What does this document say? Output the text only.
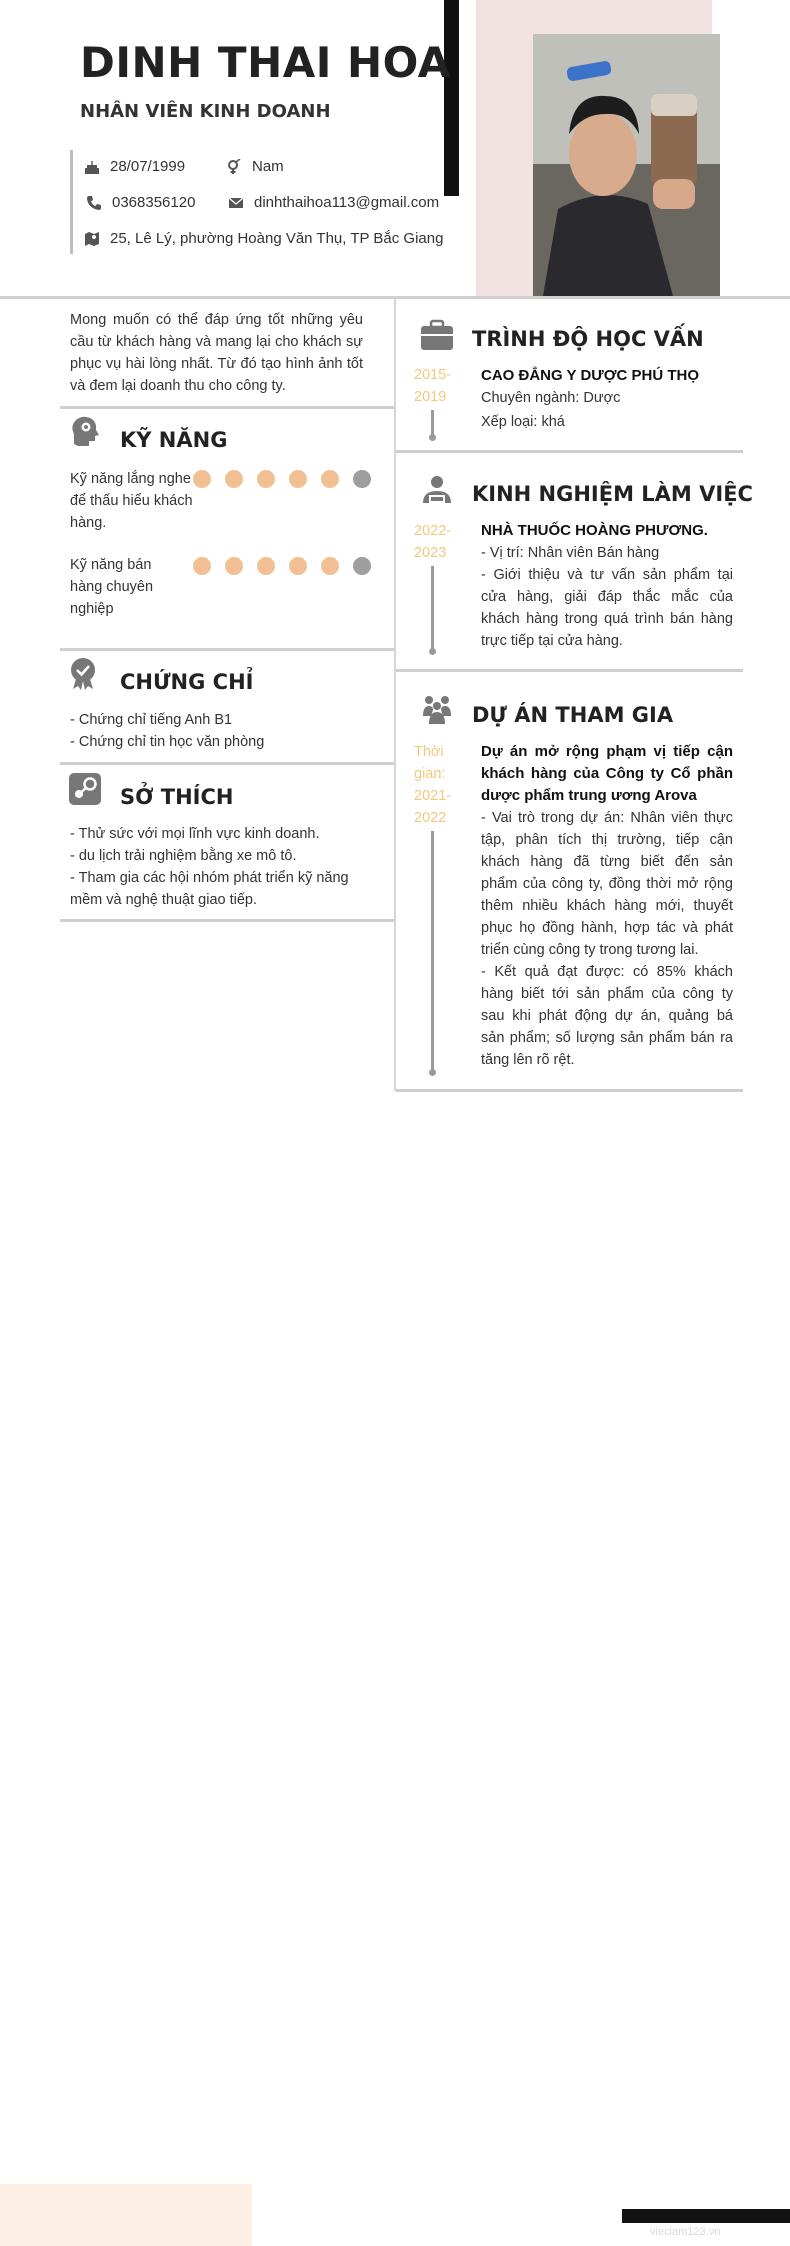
DINH THAI HOA
NHÂN VIÊN KINH DOANH
28/07/1999	Nam
0368356120	dinhthaihoa113@gmail.com
25, Lê Lý, phường Hoàng Văn Thụ, TP Bắc Giang
Mong muốn có thể đáp ứng tốt những yêu cầu từ khách hàng và mang lại cho khách sự phục vụ hài lòng nhất. Từ đó tạo hình ảnh tốt và đem lại doanh thu cho công ty.
KỸ NĂNG
Kỹ năng lắng nghe để thấu hiểu khách hàng.
Kỹ năng bán hàng chuyên nghiệp
CHỨNG CHỈ
- Chứng chỉ tiếng Anh B1
- Chứng chỉ tin học văn phòng
SỞ THÍCH
- Thử sức với mọi lĩnh vực kinh doanh.
- du lịch trải nghiệm bằng xe mô tô.
- Tham gia các hội nhóm phát triển kỹ năng mềm và nghệ thuật giao tiếp.
TRÌNH ĐỘ HỌC VẤN
2015-
2019
CAO ĐẲNG Y DƯỢC PHÚ THỌ
Chuyên ngành: Dược
Xếp loại: khá
KINH NGHIỆM LÀM VIỆC
2022-
2023
NHÀ THUỐC HOÀNG PHƯƠNG.
- Vị trí: Nhân viên Bán hàng
- Giới thiệu và tư vấn sản phẩm tại cửa hàng, giải đáp thắc mắc của khách hàng trong quá trình bán hàng trực tiếp tại cửa hàng.
DỰ ÁN THAM GIA
Thời
gian:
2021-
2022
Dự án mở rộng phạm vị tiếp cận khách hàng của Công ty Cổ phần dược phẩm trung ương Arova
- Vai trò trong dự án: Nhân viên thực tập, phân tích thị trường, tiếp cận khách hàng đã từng biết đến sản phẩm của công ty, đồng thời mở rộng thêm nhiều khách hàng mới, thuyết phục họ đồng hành, hợp tác và phát triển cùng công ty trong tương lai.
- Kết quả đạt được: có 85% khách hàng biết tới sản phẩm của công ty sau khi phát động dự án, quảng bá sản phẩm; số lượng sản phẩm bán ra tăng lên rõ rệt.
vieclam123.vn
